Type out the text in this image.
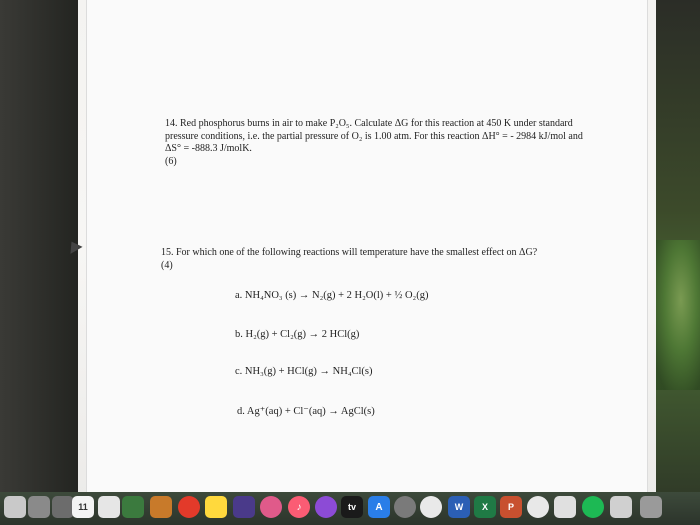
14. Red phosphorus burns in air to make P₂O₅. Calculate ΔG for this reaction at 450 K under standard pressure conditions, i.e. the partial pressure of O₂ is 1.00 atm. For this reaction ΔH° = - 2984 kJ/mol and ΔS° = -888.3 J/molK.
(6)
15. For which one of the following reactions will temperature have the smallest effect on ΔG?
(4)
a. NH₄NO₃ (s) → N₂(g) + 2 H₂O(l) + ½ O₂(g)
b. H₂(g) + Cl₂(g) → 2 HCl(g)
c. NH₃(g) + HCl(g) → NH₄Cl(s)
d. Ag⁺(aq) + Cl⁻(aq) → AgCl(s)
11	♪	tv	A	W X P
